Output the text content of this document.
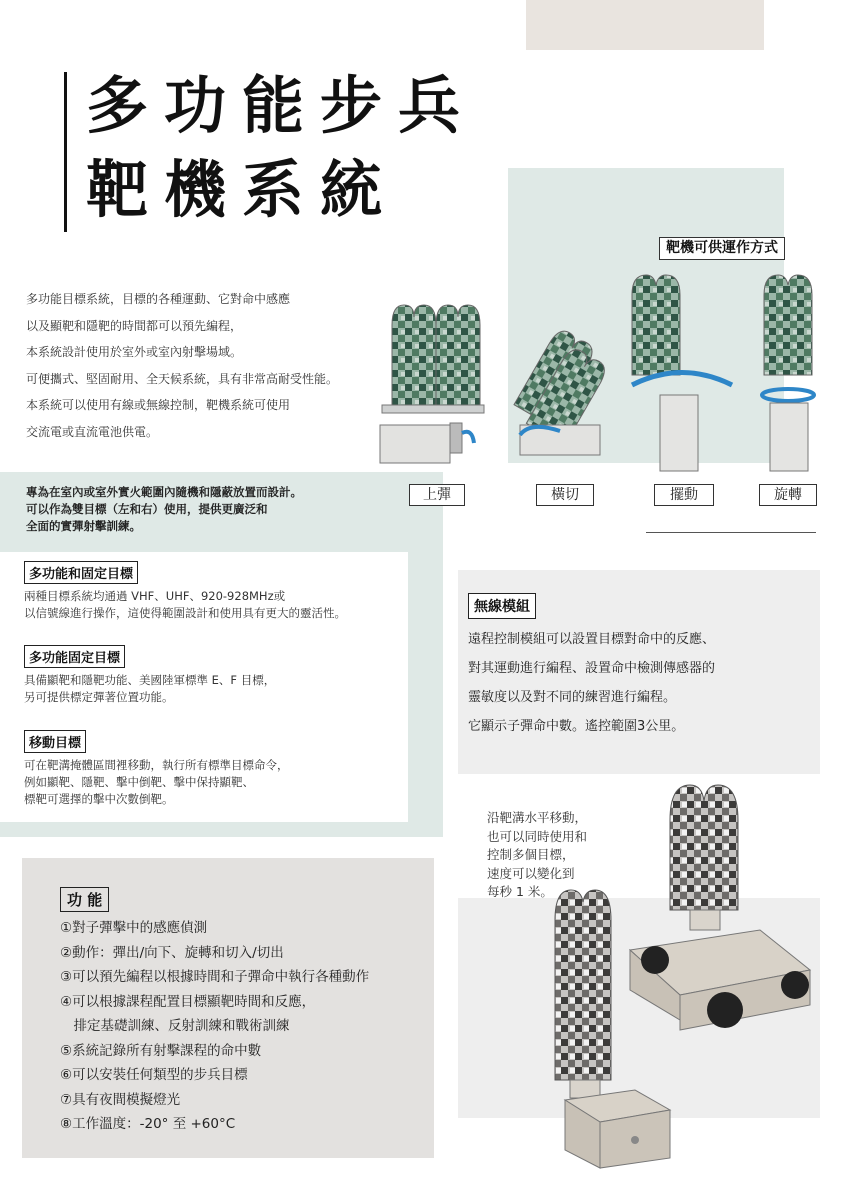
多功能步兵
靶機系統

多功能目標系統，目標的各種運動、它對命中感應

以及顯靶和隱靶的時間都可以預先編程，

本系統設計使用於室外或室內射擊場域。

可便攜式、堅固耐用、全天候系統，具有非常高耐受性能。

本系統可以使用有線或無線控制，靶機系統可使用

交流電或直流電池供電。

靶機可供運作方式
上彈	橫切	擺動	旋轉

專為在室內或室外實火範圍內隨機和隱蔽放置而設計。

可以作為雙目標（左和右）使用，提供更廣泛和

全面的實彈射擊訓練。

多功能和固定目標

兩種目標系統均通過 VHF、UHF、920-928MHz或

以信號線進行操作，這使得範圍設計和使用具有更大的靈活性。

多功能固定目標

具備顯靶和隱靶功能、美國陸軍標準 E、F 目標，

另可提供標定彈著位置功能。

移動目標

可在靶溝掩體區間裡移動，執行所有標準目標命令，

例如顯靶、隱靶、擊中倒靶、擊中保持顯靶、

標靶可選擇的擊中次數倒靶。

無線模組

遠程控制模組可以設置目標對命中的反應、

對其運動進行編程、設置命中檢測傳感器的

靈敏度以及對不同的練習進行編程。

它顯示子彈命中數。遙控範圍3公里。

沿靶溝水平移動，

也可以同時使用和

控制多個目標，

速度可以變化到

每秒 1 米。

功 能

①對子彈擊中的感應偵測

②動作：彈出/向下、旋轉和切入/切出

③可以預先編程以根據時間和子彈命中執行各種動作

④可以根據課程配置目標顯靶時間和反應，

　排定基礎訓練、反射訓練和戰術訓練

⑤系統記錄所有射擊課程的命中數

⑥可以安裝任何類型的步兵目標

⑦具有夜間模擬燈光

⑧工作溫度：-20° 至 +60°C
